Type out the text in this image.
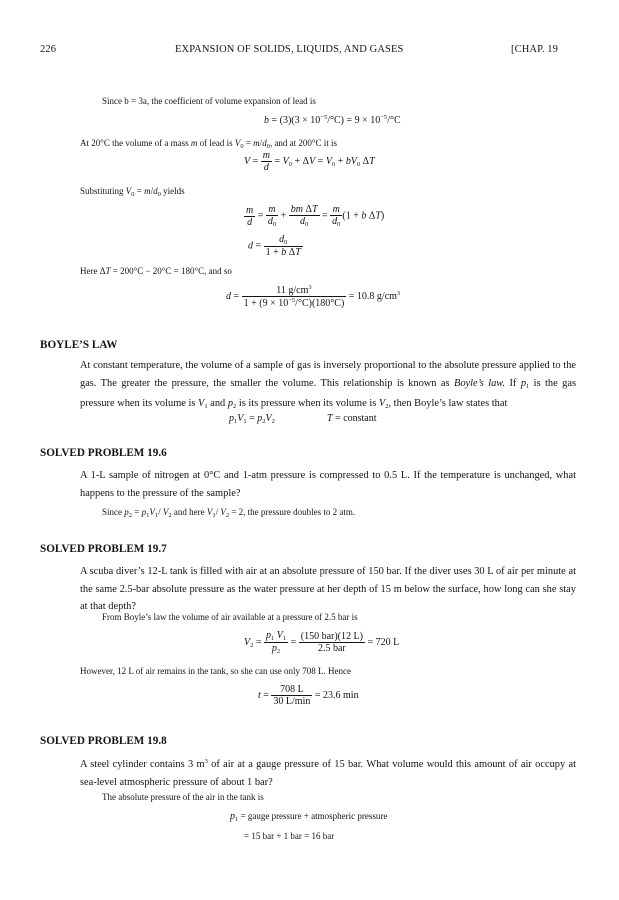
226	EXPANSION OF SOLIDS, LIQUIDS, AND GASES	[CHAP. 19
Since b = 3a, the coefficient of volume expansion of lead is
$b = (3)(3 \times 10^{-5}/^\circ C) = 9 \times 10^{-5}/^\circ C$
At 20°C the volume of a mass m of lead is $V_0 = m/d_0$, and at 200°C it is
$V = \frac{m}{d} = V_0 + \Delta V = V_0 + bV_0$ ΔT
Substituting $V_0 = m/d_0$ yields
$\frac{m}{d} = \frac{m}{d_0} + \frac{\text{bm ΔT}}{d_0} = \frac{m}{d_0} (1 + b$ ΔT)
$d = \frac{d_0}{\text{1 + b ΔT}}$
Here ΔT = 200°C − 20°C = 180°C, and so
$d = \frac{11 g/cm^3}{1 + (9 \times 10^{-5}/^\circ C)(180^\circ C)} = 10.8$ $g/cm^3$
BOYLE’S LAW
At constant temperature, the volume of a sample of gas is inversely proportional to the absolute pressure applied to the gas. The greater the pressure, the smaller the volume. This relationship is known as Boyle’s law. If $p_1$ is the gas pressure when its volume is $V_1$ and $p_2$ is its pressure when its volume is $V_2$, then Boyle’s law states that
$p_1V_1 = p_2V_2$	T = constant
SOLVED PROBLEM 19.6
A 1-L sample of nitrogen at 0°C and 1-atm pressure is compressed to 0.5 L. If the temperature is unchanged, what happens to the pressure of the sample?
Since $p_2 = p_1V_1/$ $V_2$ and here $V_1/$ $V_2 = 2$, the pressure doubles to 2 atm.
SOLVED PROBLEM 19.7
A scuba diver’s 12-L tank is filled with air at an absolute pressure of 150 bar. If the diver uses 30 L of air per minute at the same 2.5-bar absolute pressure as the water pressure at her depth of 15 m below the surface, how long can she stay at that depth?
From Boyle’s law the volume of air available at a pressure of 2.5 bar is
$V_2 = \frac{p_1 V_1}{p_2} = \frac{\text{(150 bar)(12 L)}}{\text{2.5 bar}} = 720$ L
However, 12 L of air remains in the tank, so she can use only 708 L. Hence
$t = \frac{708 L}{30 L/\min} = 23.6$ min
SOLVED PROBLEM 19.8
A steel cylinder contains 3 $m^3$ of air at a gauge pressure of 15 bar. What volume would this amount of air occupy at sea-level atmospheric pressure of about 1 bar?
The absolute pressure of the air in the tank is
$p_1$ = gauge pressure + atmospheric pressure
= 15 bar + 1 bar = 16 bar
